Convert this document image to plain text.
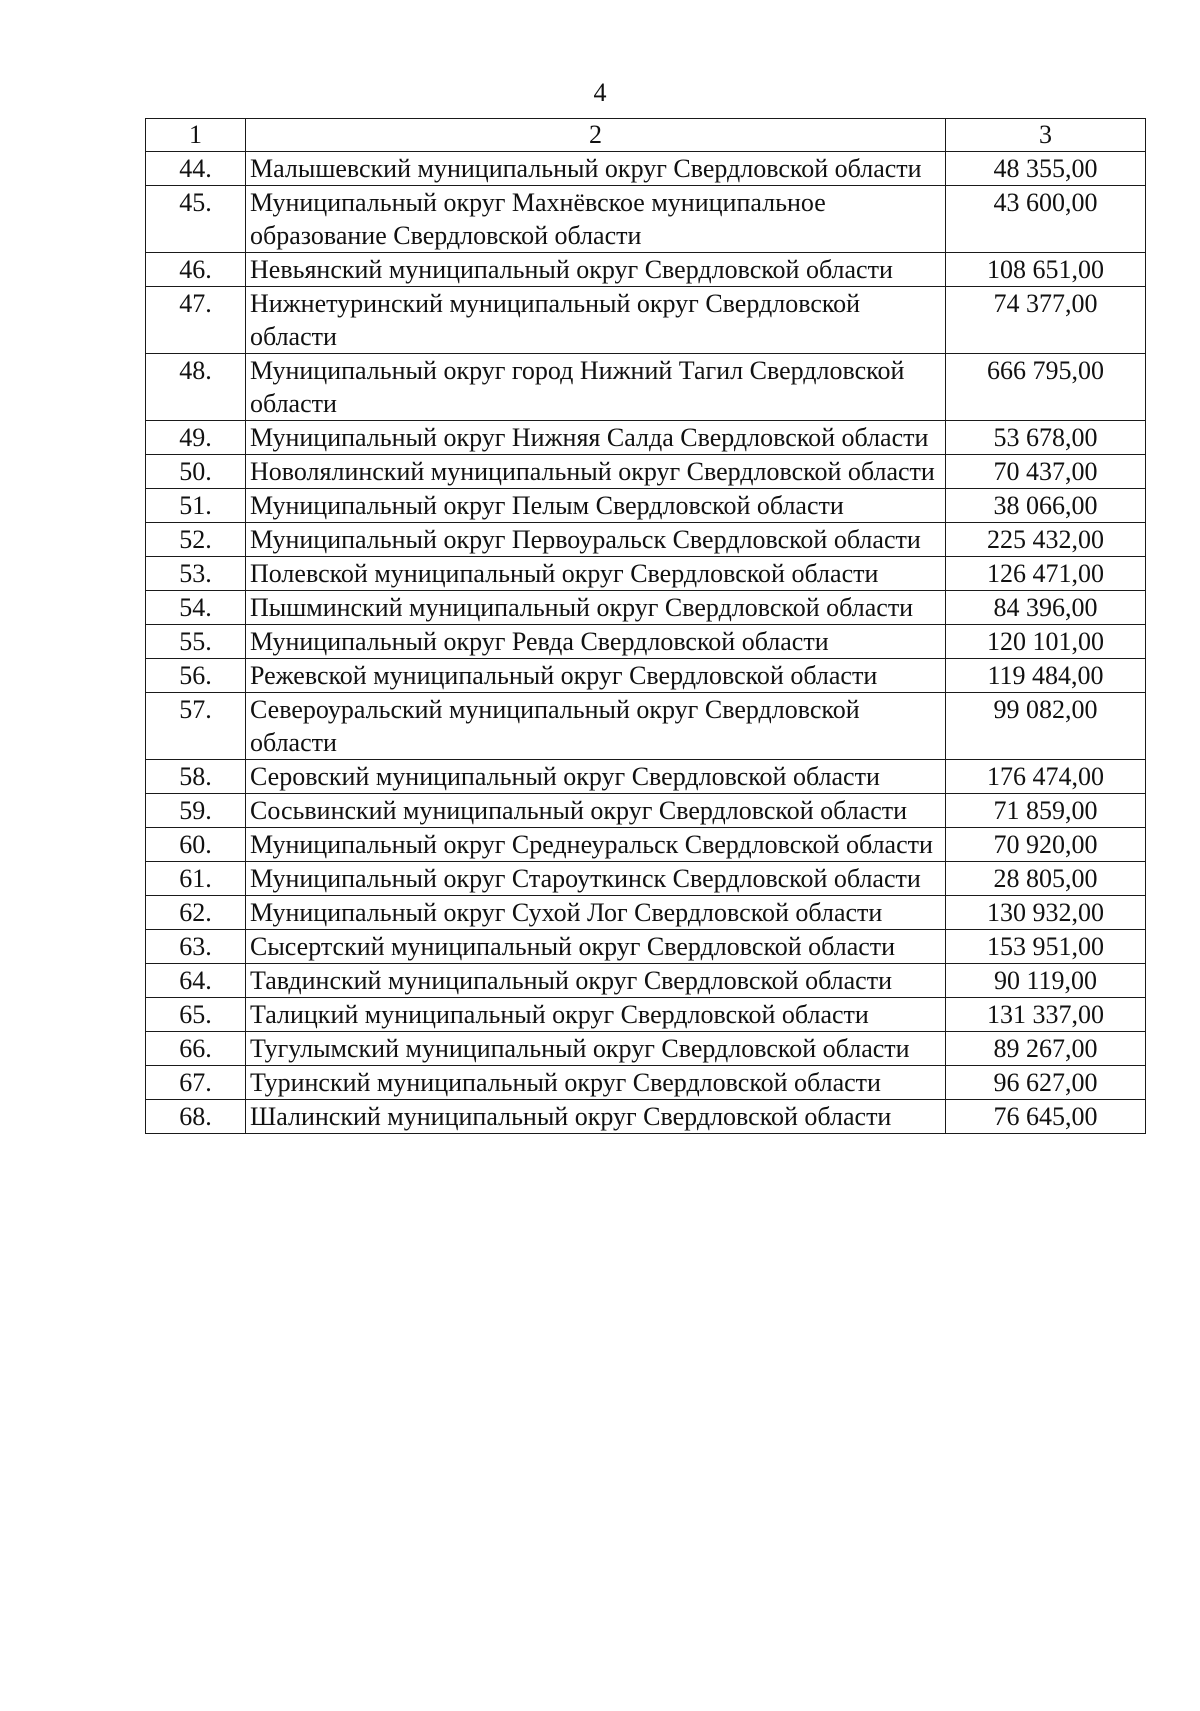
4
1	2	3
44.	Малышевский муниципальный округ Свердловской области	48 355,00
45.	Муниципальный округ Махнёвское муниципальное образование Свердловской области	43 600,00
46.	Невьянский муниципальный округ Свердловской области	108 651,00
47.	Нижнетуринский муниципальный округ Свердловской области	74 377,00
48.	Муниципальный округ город Нижний Тагил Свердловской области	666 795,00
49.	Муниципальный округ Нижняя Салда Свердловской области	53 678,00
50.	Новолялинский муниципальный округ Свердловской области	70 437,00
51.	Муниципальный округ Пелым Свердловской области	38 066,00
52.	Муниципальный округ Первоуральск Свердловской области	225 432,00
53.	Полевской муниципальный округ Свердловской области	126 471,00
54.	Пышминский муниципальный округ Свердловской области	84 396,00
55.	Муниципальный округ Ревда Свердловской области	120 101,00
56.	Режевской муниципальный округ Свердловской области	119 484,00
57.	Североуральский муниципальный округ Свердловской области	99 082,00
58.	Серовский муниципальный округ Свердловской области	176 474,00
59.	Сосьвинский муниципальный округ Свердловской области	71 859,00
60.	Муниципальный округ Среднеуральск Свердловской области	70 920,00
61.	Муниципальный округ Староуткинск Свердловской области	28 805,00
62.	Муниципальный округ Сухой Лог Свердловской области	130 932,00
63.	Сысертский муниципальный округ Свердловской области	153 951,00
64.	Тавдинский муниципальный округ Свердловской области	90 119,00
65.	Талицкий муниципальный округ Свердловской области	131 337,00
66.	Тугулымский муниципальный округ Свердловской области	89 267,00
67.	Туринский муниципальный округ Свердловской области	96 627,00
68.	Шалинский муниципальный округ Свердловской области	76 645,00
